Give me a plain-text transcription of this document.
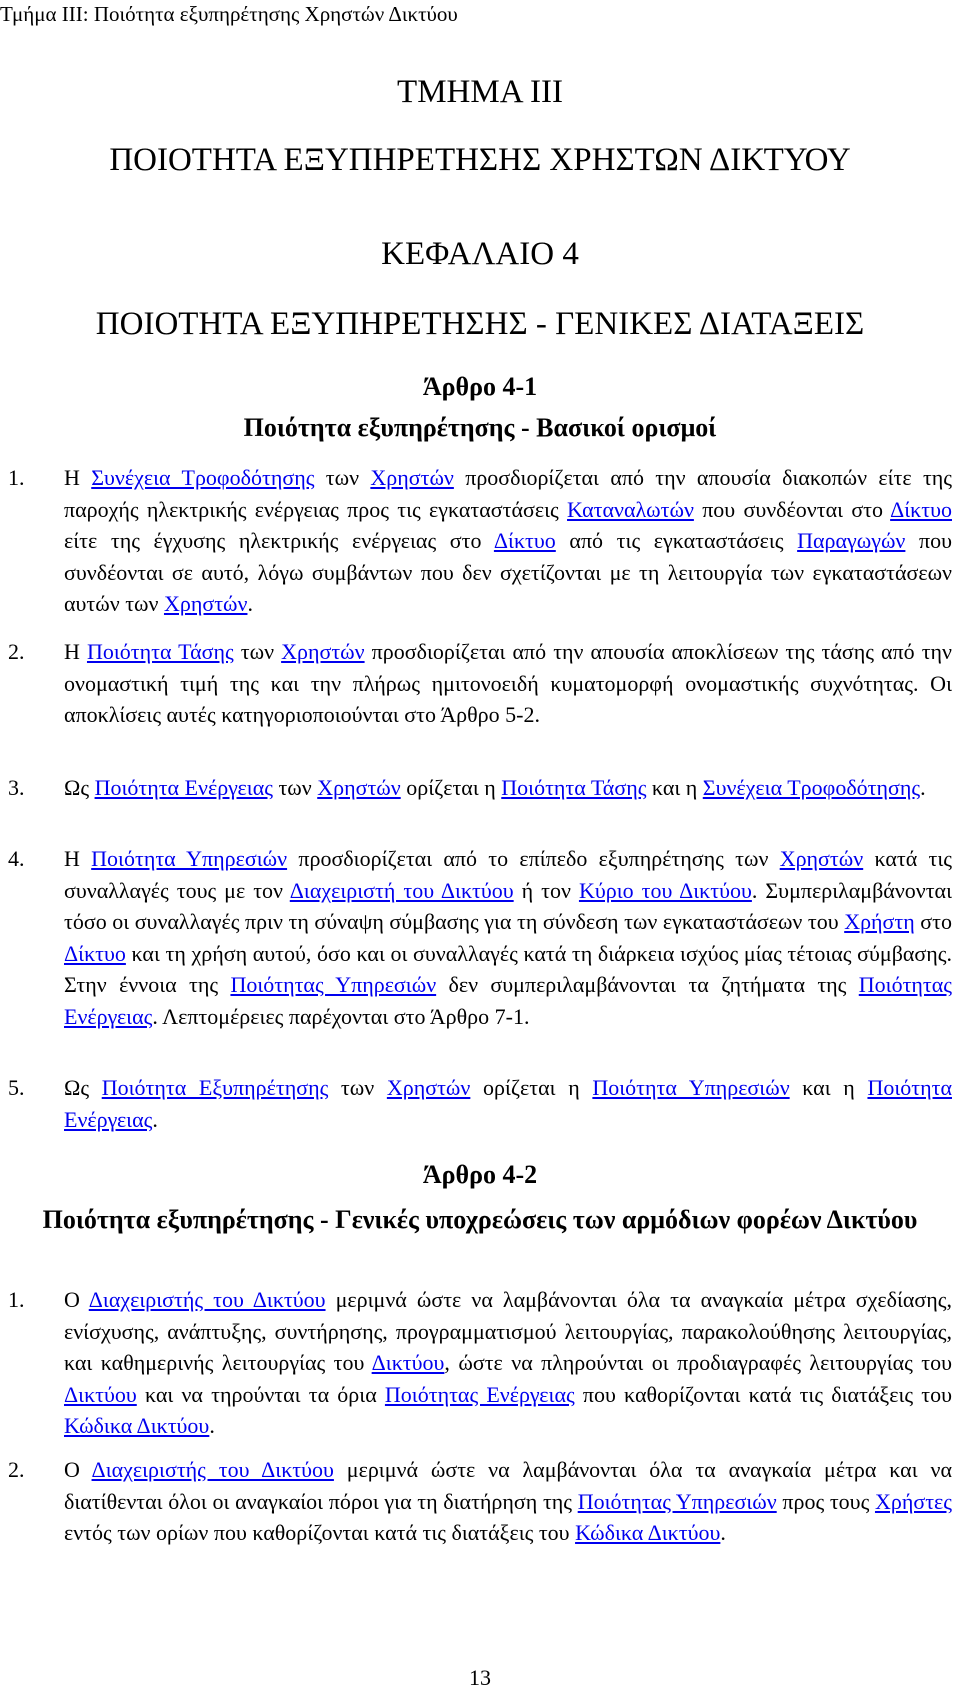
Τμήμα ΙΙΙ: Ποιότητα εξυπηρέτησης Χρηστών Δικτύου
ΤΜΗΜΑ ΙΙΙ
ΠΟΙΟΤΗΤΑ ΕΞΥΠΗΡΕΤΗΣΗΣ ΧΡΗΣΤΩΝ ΔΙΚΤΥΟΥ
ΚΕΦΑΛΑΙΟ 4
ΠΟΙΟΤΗΤΑ ΕΞΥΠΗΡΕΤΗΣΗΣ - ΓΕΝΙΚΕΣ ΔΙΑΤΑΞΕΙΣ
Άρθρο 4-1
Ποιότητα εξυπηρέτησης - Βασικοί ορισμοί
1.	Η Συνέχεια Τροφοδότησης των Χρηστών προσδιορίζεται από την απουσία διακοπών είτε της παροχής ηλεκτρικής ενέργειας προς τις εγκαταστάσεις Καταναλωτών που συνδέονται στο Δίκτυο είτε της έγχυσης ηλεκτρικής ενέργειας στο Δίκτυο από τις εγκαταστάσεις Παραγωγών που συνδέονται σε αυτό, λόγω συμβάντων που δεν σχετίζονται με τη λειτουργία των εγκαταστάσεων αυτών των Χρηστών.
2.	Η Ποιότητα Τάσης των Χρηστών προσδιορίζεται από την απουσία αποκλίσεων της τάσης από την ονομαστική τιμή της και την πλήρως ημιτονοειδή κυματομορφή ονομαστικής συχνότητας. Οι αποκλίσεις αυτές κατηγοριοποιούνται στο Άρθρο 5-2.
3.	Ως Ποιότητα Ενέργειας των Χρηστών ορίζεται η Ποιότητα Τάσης και η Συνέχεια Τροφοδότησης.
4.	Η Ποιότητα Υπηρεσιών προσδιορίζεται από το επίπεδο εξυπηρέτησης των Χρηστών κατά τις συναλλαγές τους με τον Διαχειριστή του Δικτύου ή τον Κύριο του Δικτύου. Συμπεριλαμβάνονται τόσο οι συναλλαγές πριν τη σύναψη σύμβασης για τη σύνδεση των εγκαταστάσεων του Χρήστη στο Δίκτυο και τη χρήση αυτού, όσο και οι συναλλαγές κατά τη διάρκεια ισχύος μίας τέτοιας σύμβασης. Στην έννοια της Ποιότητας Υπηρεσιών δεν συμπεριλαμβάνονται τα ζητήματα της Ποιότητας Ενέργειας. Λεπτομέρειες παρέχονται στο Άρθρο 7-1.
5.	Ως Ποιότητα Εξυπηρέτησης των Χρηστών ορίζεται η Ποιότητα Υπηρεσιών και η Ποιότητα Ενέργειας.
Άρθρο 4-2
Ποιότητα εξυπηρέτησης - Γενικές υποχρεώσεις των αρμόδιων φορέων Δικτύου
1.	Ο Διαχειριστής του Δικτύου μεριμνά ώστε να λαμβάνονται όλα τα αναγκαία μέτρα σχεδίασης, ενίσχυσης, ανάπτυξης, συντήρησης, προγραμματισμού λειτουργίας, παρακολούθησης λειτουργίας, και καθημερινής λειτουργίας του Δικτύου, ώστε να πληρούνται οι προδιαγραφές λειτουργίας του Δικτύου και να τηρούνται τα όρια Ποιότητας Ενέργειας που καθορίζονται κατά τις διατάξεις του Κώδικα Δικτύου.
2.	Ο Διαχειριστής του Δικτύου μεριμνά ώστε να λαμβάνονται όλα τα αναγκαία μέτρα και να διατίθενται όλοι οι αναγκαίοι πόροι για τη διατήρηση της Ποιότητας Υπηρεσιών προς τους Χρήστες εντός των ορίων που καθορίζονται κατά τις διατάξεις του Κώδικα Δικτύου.
13
